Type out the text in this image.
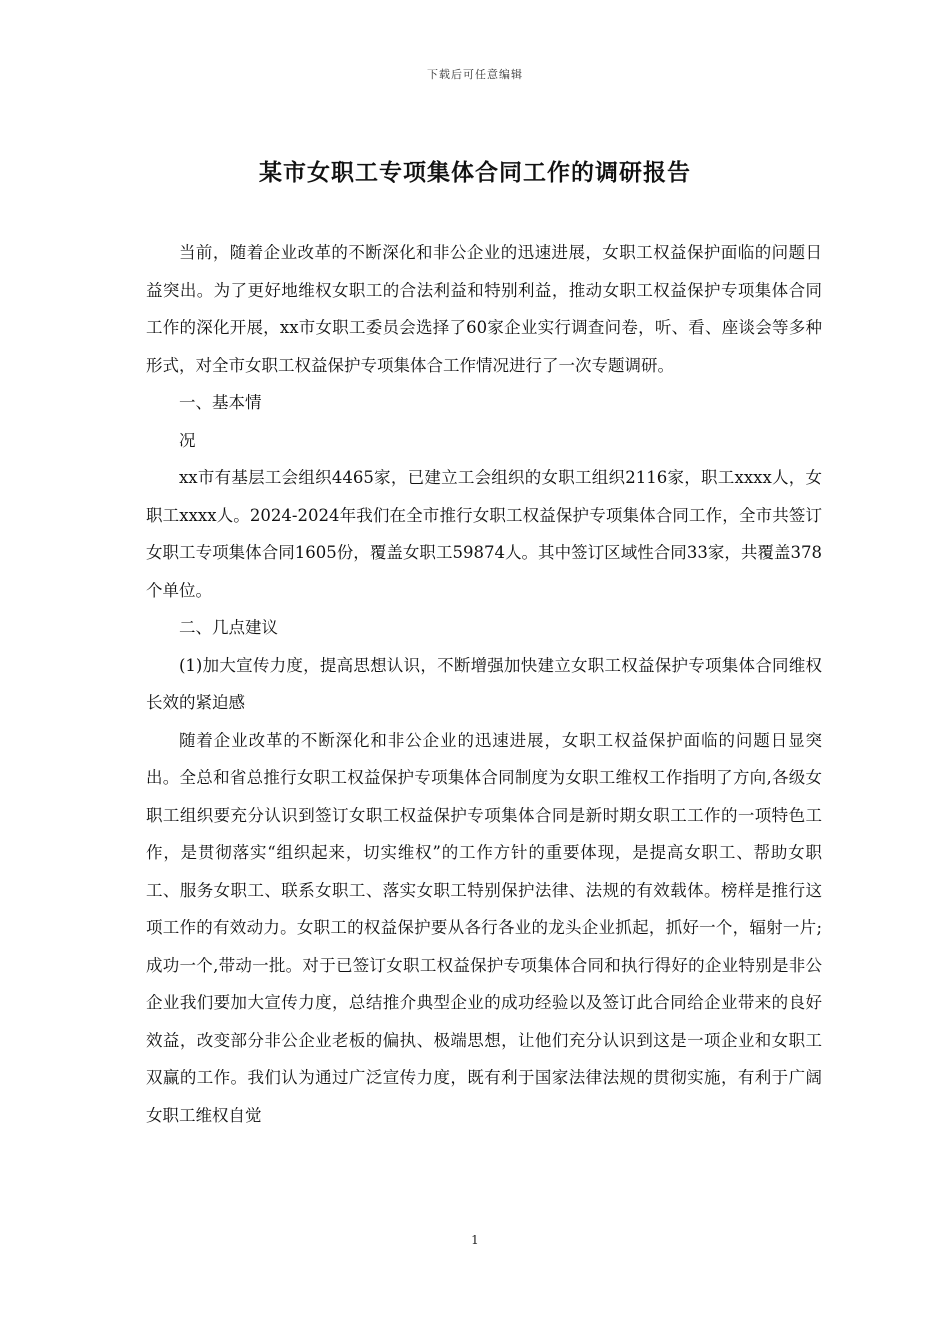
下载后可任意编辑
某市女职工专项集体合同工作的调研报告

当前，随着企业改革的不断深化和非公企业的迅速进展，女职工权益保护面临的问题日益突出。为了更好地维权女职工的合法利益和特别利益，推动女职工权益保护专项集体合同工作的深化开展，xx市女职工委员会选择了60家企业实行调查问卷，听、看、座谈会等多种形式，对全市女职工权益保护专项集体合工作情况进行了一次专题调研。

一、基本情

况

xx市有基层工会组织4465家，已建立工会组织的女职工组织2116家，职工xxxx人，女职工xxxx人。2024-2024年我们在全市推行女职工权益保护专项集体合同工作，全市共签订女职工专项集体合同1605份，覆盖女职工59874人。其中签订区域性合同33家，共覆盖378个单位。

二、几点建议

(1)加大宣传力度，提高思想认识，不断增强加快建立女职工权益保护专项集体合同维权长效的紧迫感

随着企业改革的不断深化和非公企业的迅速进展，女职工权益保护面临的问题日显突出。全总和省总推行女职工权益保护专项集体合同制度为女职工维权工作指明了方向,各级女职工组织要充分认识到签订女职工权益保护专项集体合同是新时期女职工工作的一项特色工作，是贯彻落实“组织起来，切实维权”的工作方针的重要体现，是提高女职工、帮助女职工、服务女职工、联系女职工、落实女职工特别保护法律、法规的有效载体。榜样是推行这项工作的有效动力。女职工的权益保护要从各行各业的龙头企业抓起，抓好一个，辐射一片;成功一个,带动一批。对于已签订女职工权益保护专项集体合同和执行得好的企业特别是非公企业我们要加大宣传力度，总结推介典型企业的成功经验以及签订此合同给企业带来的良好效益，改变部分非公企业老板的偏执、极端思想，让他们充分认识到这是一项企业和女职工双赢的工作。我们认为通过广泛宣传力度，既有利于国家法律法规的贯彻实施，有利于广阔女职工维权自觉

1
